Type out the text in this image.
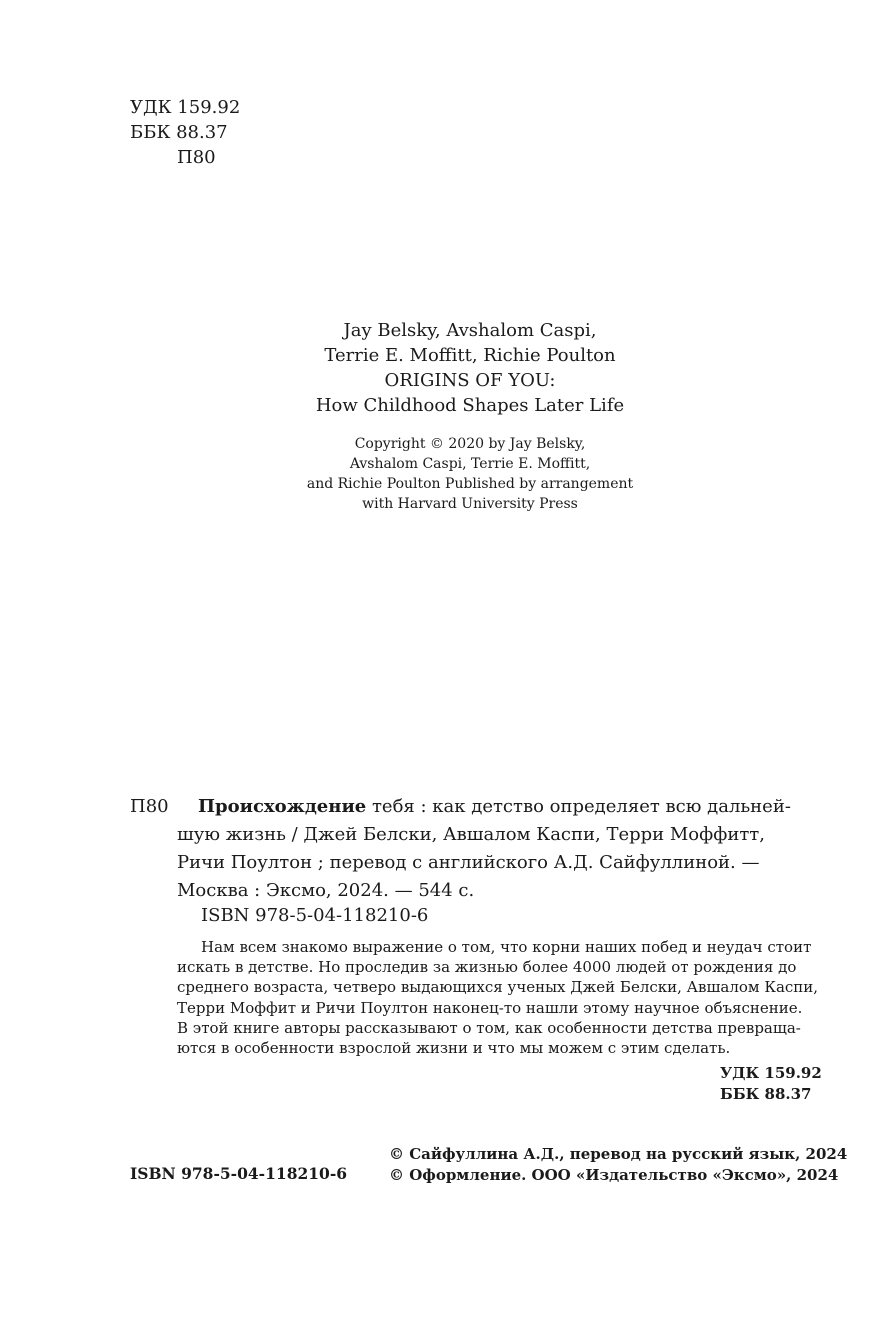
УДК 159.92
ББК 88.37
П80
Jay Belsky, Avshalom Caspi,
Terrie E. Moffitt, Richie Poulton
ORIGINS OF YOU:
How Childhood Shapes Later Life
Copyright © 2020 by Jay Belsky,
Avshalom Caspi, Terrie E. Moffitt,
and Richie Poulton Published by arrangement
with Harvard University Press
П80	Происхождение тебя : как детство определяет всю дальней-
шую жизнь / Джей Белски, Авшалом Каспи, Терри Моффитт,
Ричи Поултон ; перевод с английского А.Д. Сайфуллиной. —
Москва : Эксмо, 2024. — 544 с.
ISBN 978-5-04-118210-6
Нам всем знакомо выражение о том, что корни наших побед и неудач стоит
искать в детстве. Но проследив за жизнью более 4000 людей от рождения до
среднего возраста, четверо выдающихся ученых Джей Белски, Авшалом Каспи,
Терри Моффит и Ричи Поултон наконец-то нашли этому научное объяснение.
В этой книге авторы рассказывают о том, как особенности детства превраща-
ются в особенности взрослой жизни и что мы можем с этим сделать.
УДК 159.92
ББК 88.37
ISBN 978-5-04-118210-6
© Сайфуллина А.Д., перевод на русский язык, 2024
© Оформление. ООО «Издательство «Эксмо», 2024
